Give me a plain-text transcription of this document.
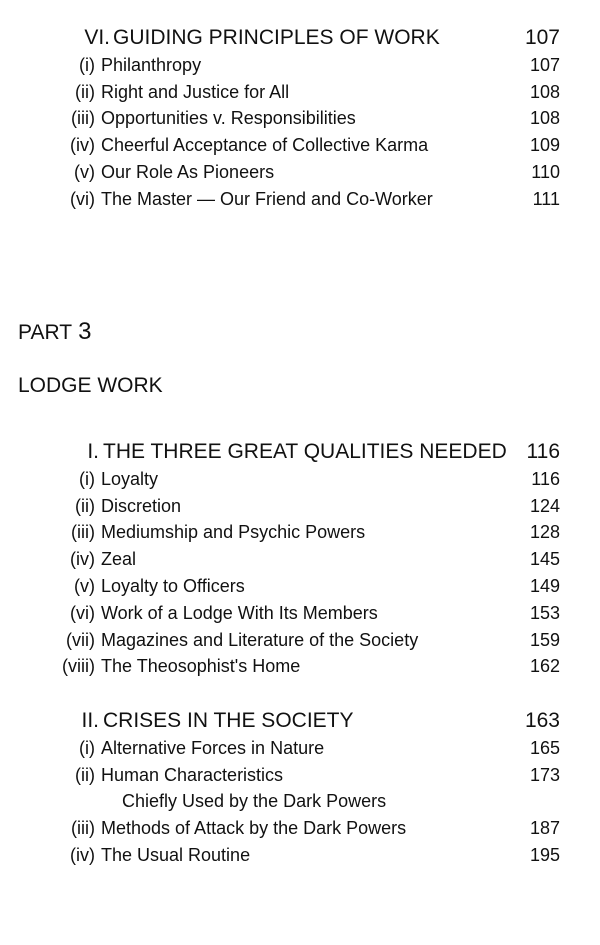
VI. GUIDING PRINCIPLES OF WORK	107
(i) Philanthropy	107
(ii) Right and Justice for All	108
(iii) Opportunities v. Responsibilities	108
(iv) Cheerful Acceptance of Collective Karma	109
(v) Our Role As Pioneers	110
(vi) The Master — Our Friend and Co-Worker	111
PART 3
LODGE WORK
I. THE THREE GREAT QUALITIES NEEDED 116
(i) Loyalty	116
(ii) Discretion	124
(iii) Mediumship and Psychic Powers	128
(iv) Zeal	145
(v) Loyalty to Officers	149
(vi) Work of a Lodge With Its Members	153
(vii) Magazines and Literature of the Society	159
(viii) The Theosophist's Home	162
II. CRISES IN THE SOCIETY	163
(i) Alternative Forces in Nature	165
(ii) Human Characteristics	173
Chiefly Used by the Dark Powers
(iii) Methods of Attack by the Dark Powers	187
(iv) The Usual Routine	195
